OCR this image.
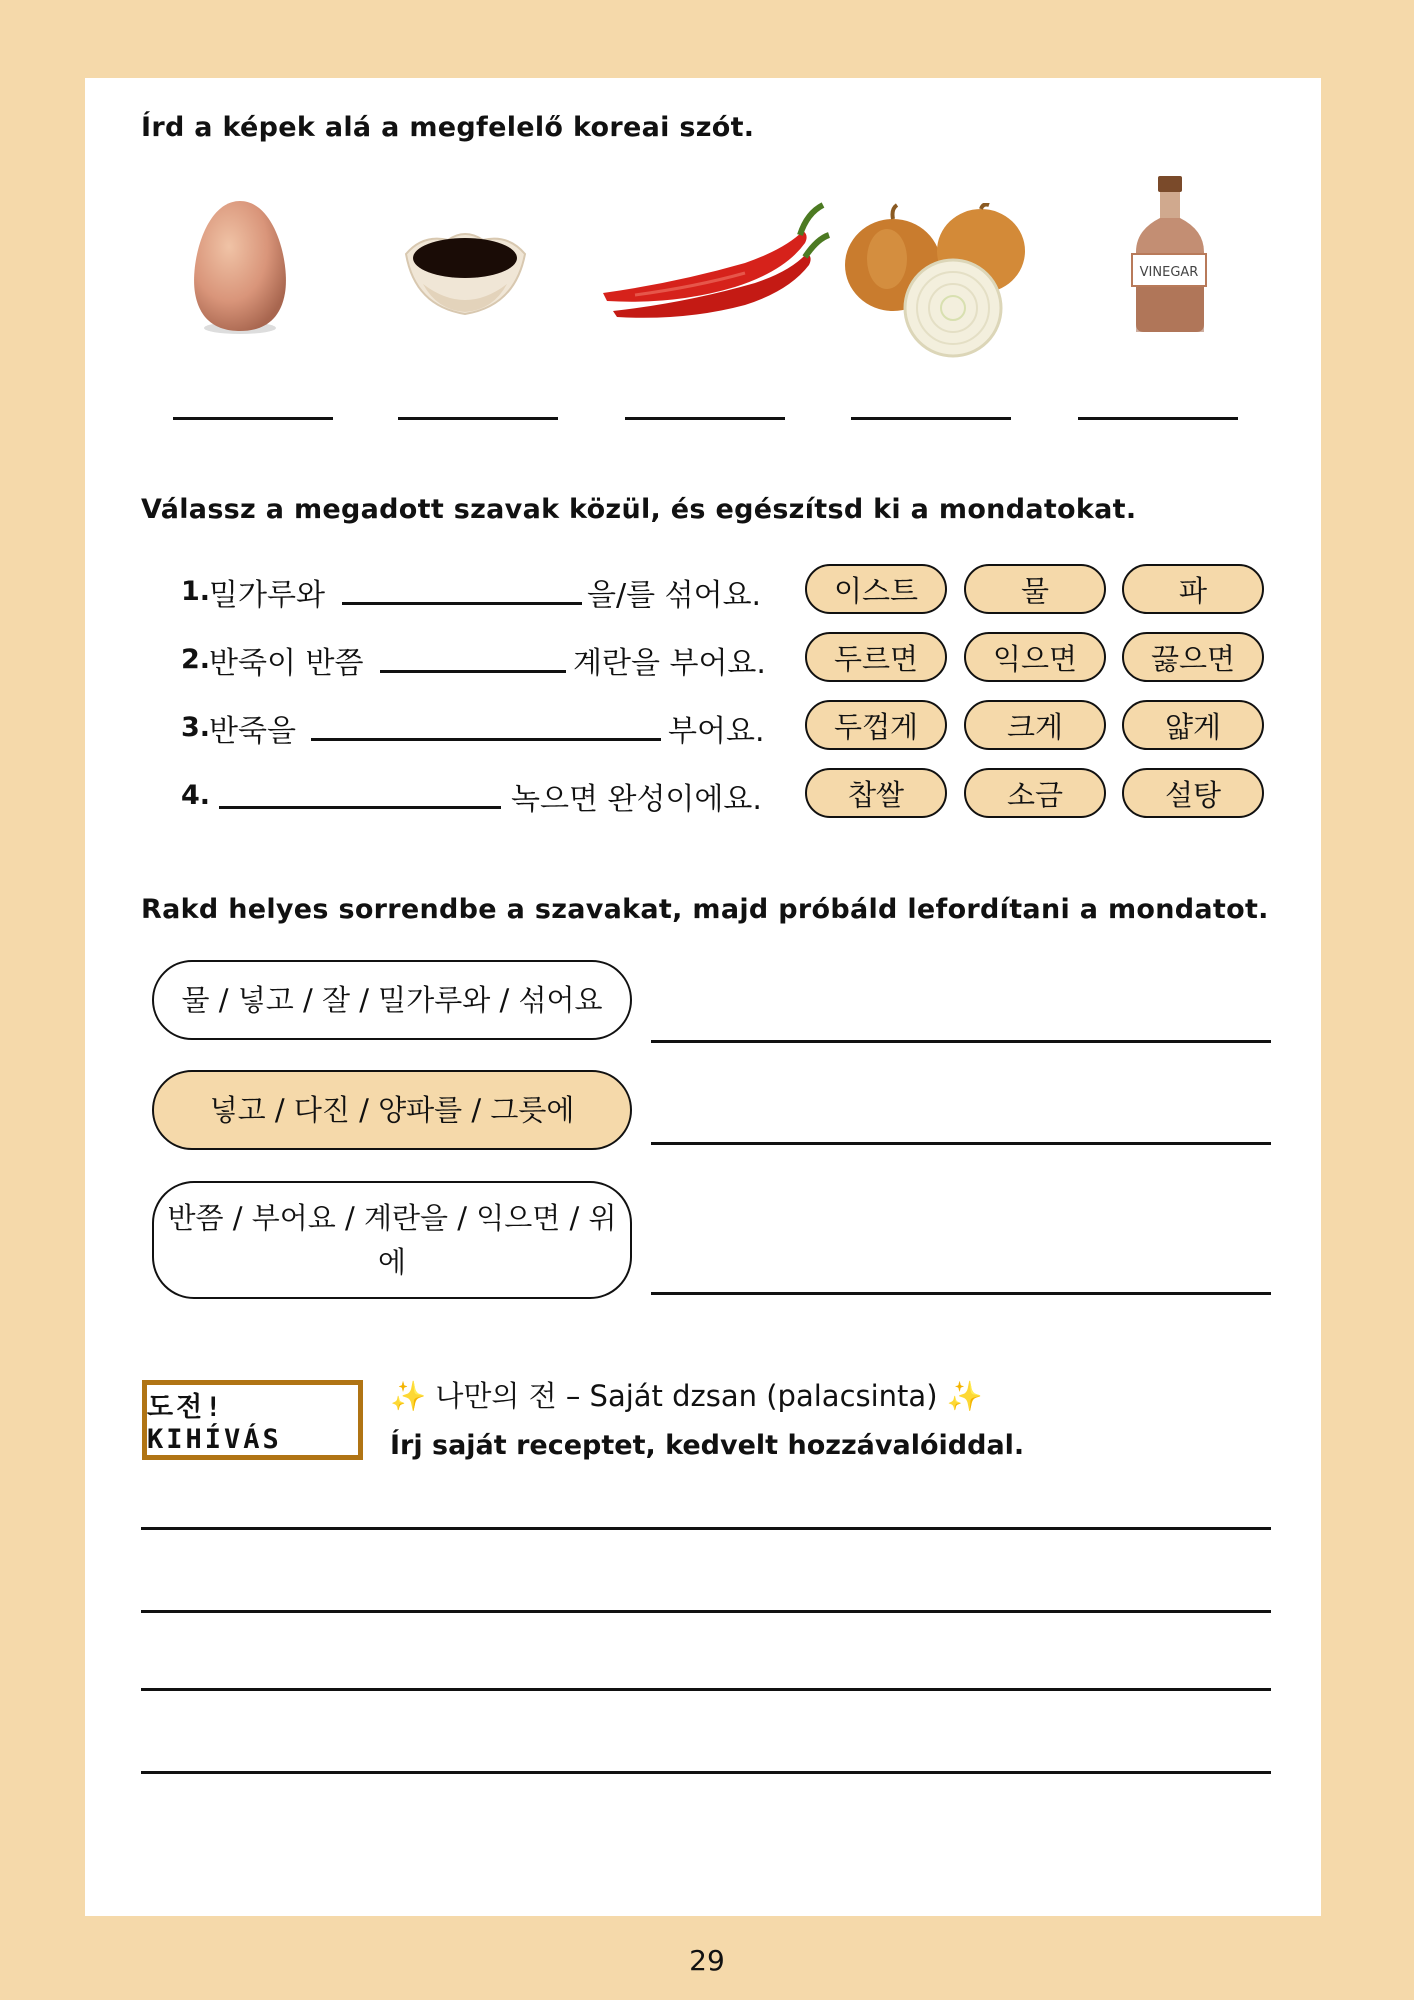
Írd a képek alá a megfelelő koreai szót.
VINEGAR
Válassz a megadott szavak közül, és egészítsd ki a mondatokat.
1.
밀가루와	을/를 섞어요.	이스트	물	파
2.
반죽이 반쯤	계란을 부어요.	두르면	익으면	끓으면
3.
반죽을	부어요.	두껍게	크게	얇게
4.	녹으면 완성이에요.	찹쌀	소금	설탕
Rakd helyes sorrendbe a szavakat, majd próbáld lefordítani a mondatot.
물 / 넣고 / 잘 / 밀가루와 / 섞어요
넣고 / 다진 / 양파를 / 그릇에
반쯤 / 부어요 / 계란을 / 익으면 / 위에
도전! KIHÍVÁS
✨ 나만의 전 – Saját dzsan (palacsinta) ✨
Írj saját receptet, kedvelt hozzávalóiddal.
29
